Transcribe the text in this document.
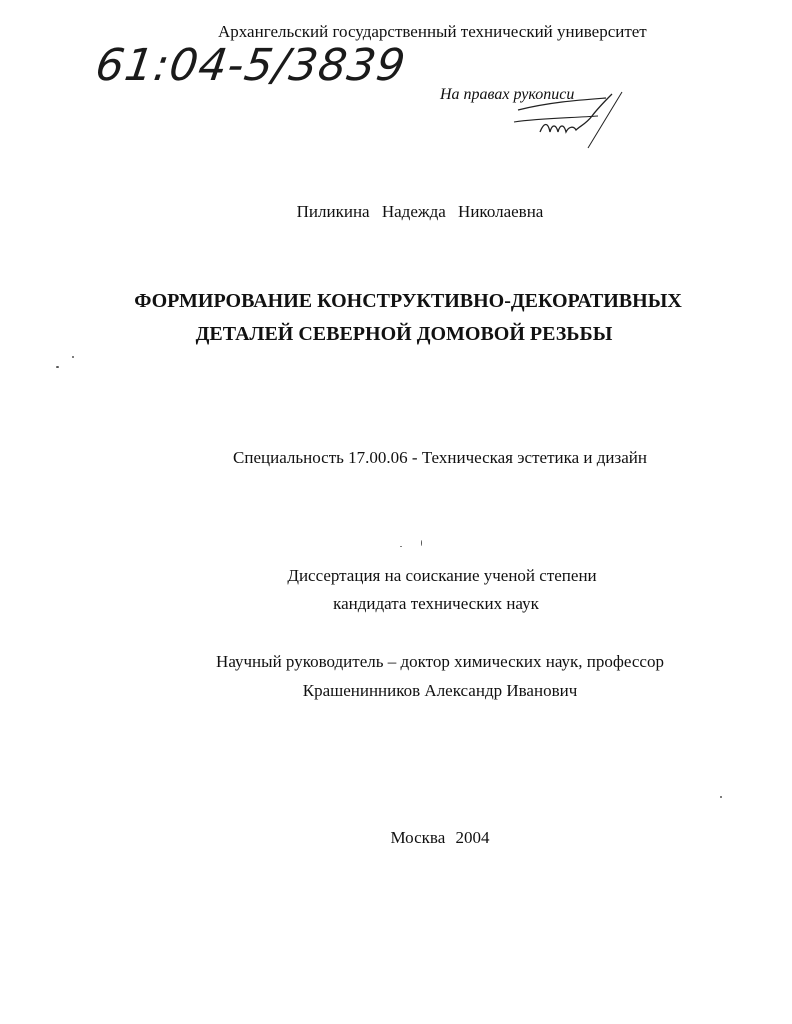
Архангельский государственный технический университет
61:04-5/3839
На правах рукописи
Пиликина Надежда Николаевна
ФОРМИРОВАНИЕ КОНСТРУКТИВНО-ДЕКОРАТИВНЫХ
ДЕТАЛЕЙ СЕВЕРНОЙ ДОМОВОЙ РЕЗЬБЫ
Специальность 17.00.06 - Техническая эстетика и дизайн
Диссертация на соискание ученой степени
кандидата технических наук
Научный руководитель – доктор химических наук, профессор
Крашенинников Александр Иванович
Москва 2004
